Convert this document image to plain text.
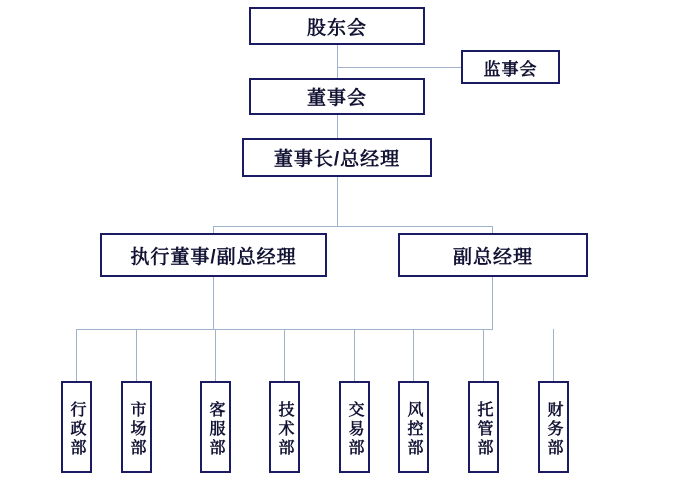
股东会
监事会
董事会
董事长/总经理
执行董事/副总经理	副总经理
行政部	市场部	客服部	技术部	交易部	风控部	托管部	财务部
